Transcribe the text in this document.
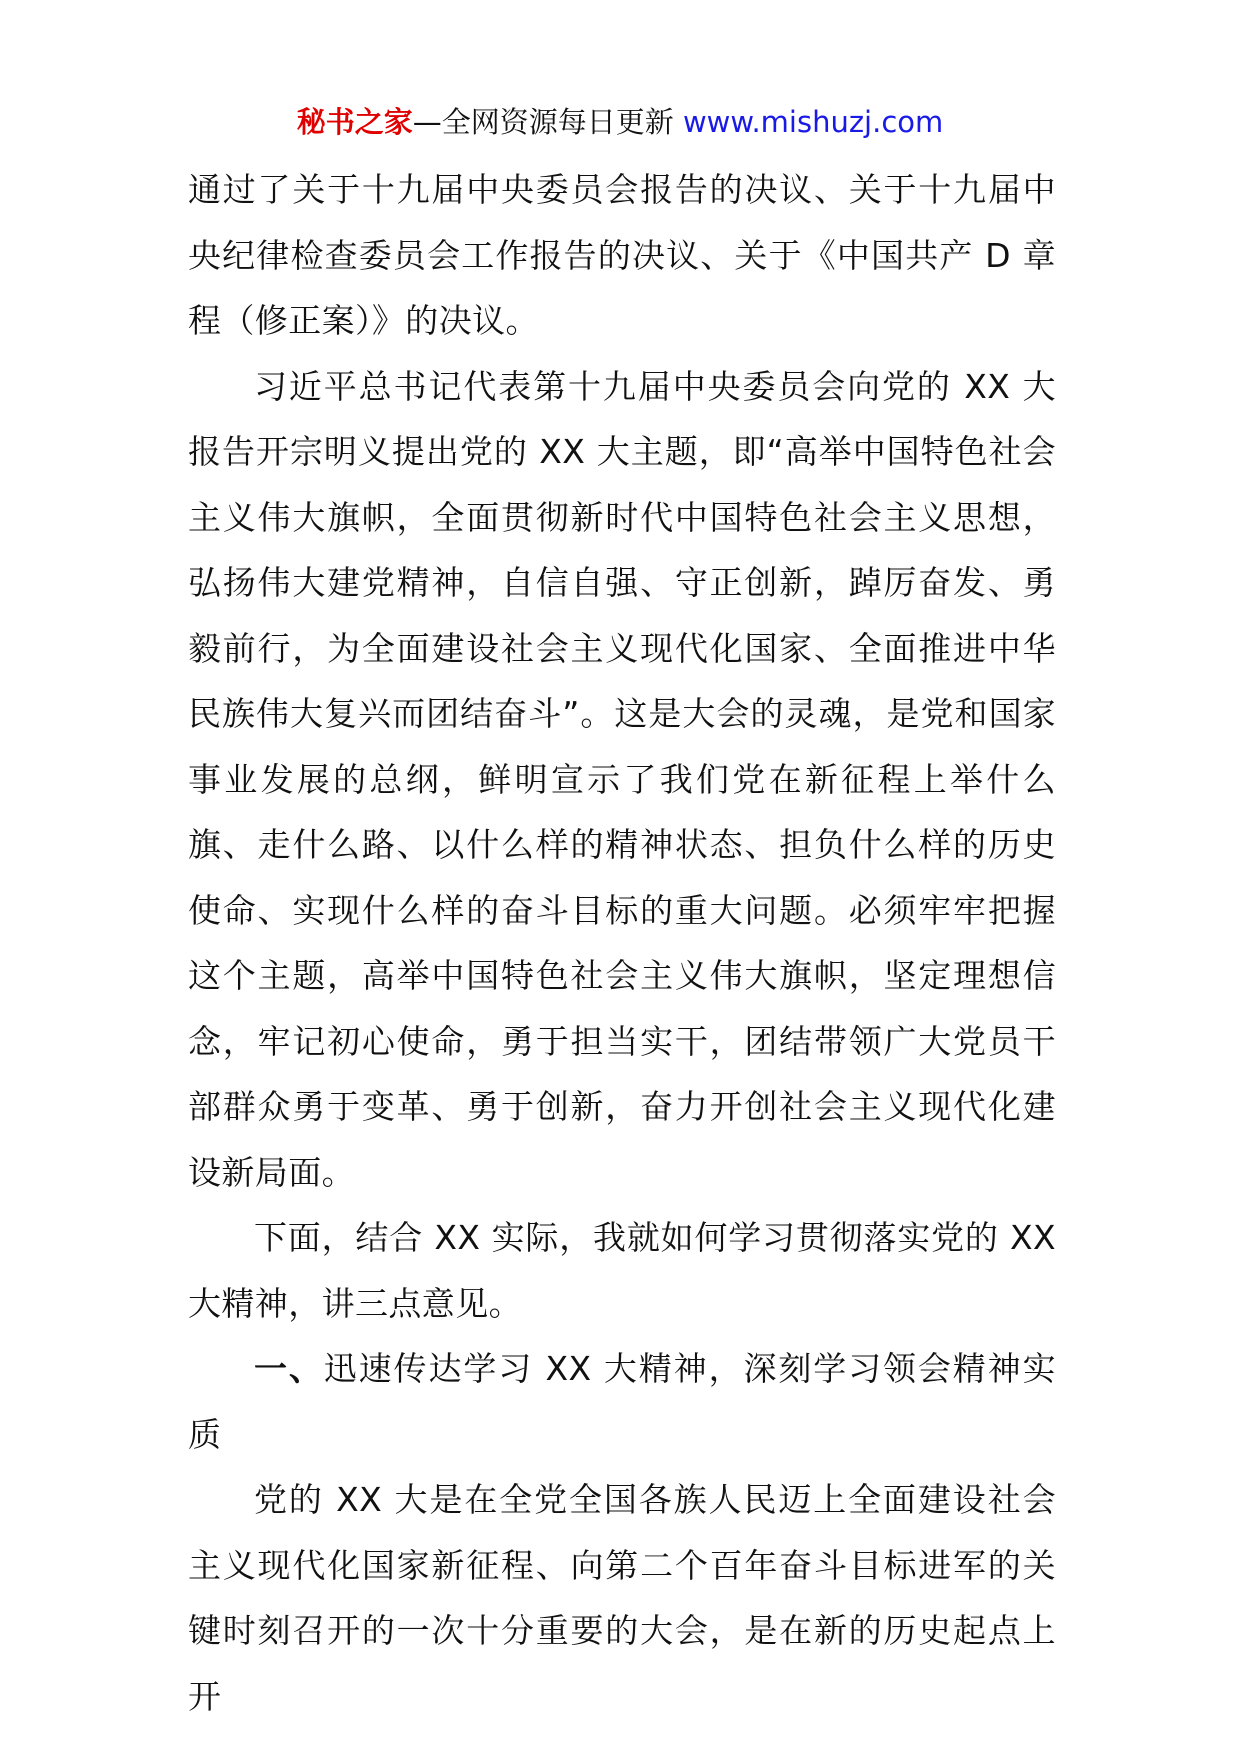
秘书之家—全网资源每日更新 www.mishuzj.com

通过了关于十九届中央委员会报告的决议、关于十九届中央纪律检查委员会工作报告的决议、关于《中国共产 D 章程（修正案）》的决议。

习近平总书记代表第十九届中央委员会向党的 XX 大报告开宗明义提出党的 XX 大主题，即“高举中国特色社会主义伟大旗帜，全面贯彻新时代中国特色社会主义思想，弘扬伟大建党精神，自信自强、守正创新，踔厉奋发、勇毅前行，为全面建设社会主义现代化国家、全面推进中华民族伟大复兴而团结奋斗”。这是大会的灵魂，是党和国家事业发展的总纲，鲜明宣示了我们党在新征程上举什么旗、走什么路、以什么样的精神状态、担负什么样的历史使命、实现什么样的奋斗目标的重大问题。必须牢牢把握这个主题，高举中国特色社会主义伟大旗帜，坚定理想信念，牢记初心使命，勇于担当实干，团结带领广大党员干部群众勇于变革、勇于创新，奋力开创社会主义现代化建设新局面。

下面，结合 XX 实际，我就如何学习贯彻落实党的 XX 大精神，讲三点意见。

一、迅速传达学习 XX 大精神，深刻学习领会精神实质

党的 XX 大是在全党全国各族人民迈上全面建设社会主义现代化国家新征程、向第二个百年奋斗目标进军的关键时刻召开的一次十分重要的大会，是在新的历史起点上开
